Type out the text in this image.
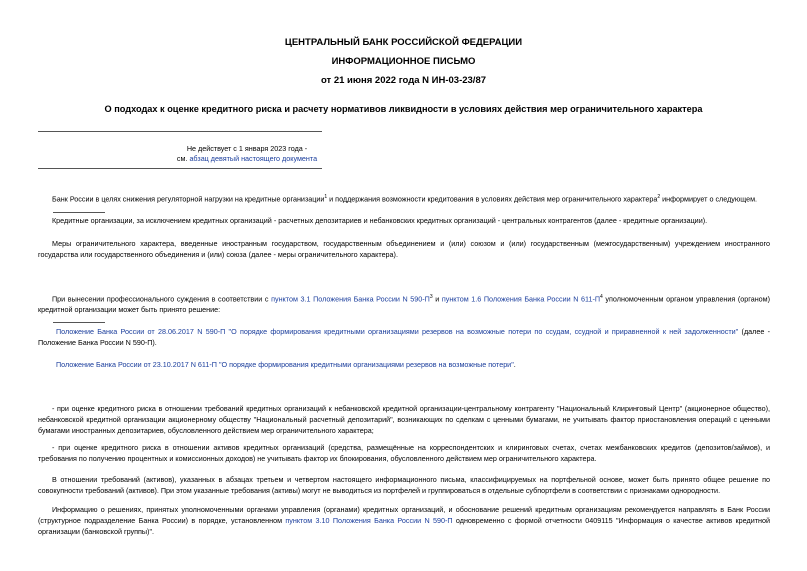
ЦЕНТРАЛЬНЫЙ БАНК РОССИЙСКОЙ ФЕДЕРАЦИИ
ИНФОРМАЦИОННОЕ ПИСЬМО
от 21 июня 2022 года N ИН-03-23/87
О подходах к оценке кредитного риска и расчету нормативов ликвидности в условиях действия мер ограничительного характера
Не действует с 1 января 2023 года -
см. абзац девятый настоящего документа
Банк России в целях снижения регуляторной нагрузки на кредитные организации$^1$ и поддержания возможности кредитования в условиях действия мер ограничительного характера$^2$ информирует о следующем.
Кредитные организации, за исключением кредитных организаций - расчетных депозитариев и небанковских кредитных организаций - центральных контрагентов (далее - кредитные организации).
Меры ограничительного характера, введенные иностранным государством, государственным объединением и (или) союзом и (или) государственным (межгосударственным) учреждением иностранного государства или государственного объединения и (или) союза (далее - меры ограничительного характера).
При вынесении профессионального суждения в соответствии с пунктом 3.1 Положения Банка России N 590-П$^3$ и пунктом 1.6 Положения Банка России N 611-П$^4$ уполномоченным органом управления (органом) кредитной организации может быть принято решение:
Положение Банка России от 28.06.2017 N 590-П "О порядке формирования кредитными организациями резервов на возможные потери по ссудам, ссудной и приравненной к ней задолженности" (далее - Положение Банка России N 590-П).
Положение Банка России от 23.10.2017 N 611-П "О порядке формирования кредитными организациями резервов на возможные потери".
- при оценке кредитного риска в отношении требований кредитных организаций к небанковской кредитной организации-центральному контрагенту "Национальный Клиринговый Центр" (акционерное общество), небанковской кредитной организации акционерному обществу "Национальный расчетный депозитарий", возникающих по сделкам с ценными бумагами, не учитывать фактор приостановления операций с ценными бумагами иностранных депозитариев, обусловленного действием мер ограничительного характера;
- при оценке кредитного риска в отношении активов кредитных организаций (средства, размещённые на корреспондентских и клиринговых счетах, счетах межбанковских кредитов (депозитов/займов), и требования по получению процентных и комиссионных доходов) не учитывать фактор их блокирования, обусловленного действием мер ограничительного характера.
В отношении требований (активов), указанных в абзацах третьем и четвертом настоящего информационного письма, классифицируемых на портфельной основе, может быть принято общее решение по совокупности требований (активов). При этом указанные требования (активы) могут не выводиться из портфелей и группироваться в отдельные субпортфели в соответствии с признаками однородности.
Информацию о решениях, принятых уполномоченными органами управления (органами) кредитных организаций, и обоснование решений кредитным организациям рекомендуется направлять в Банк России (структурное подразделение Банка России) в порядке, установленном пунктом 3.10 Положения Банка России N 590-П одновременно с формой отчетности 0409115 "Информация о качестве активов кредитной организации (банковской группы)".
